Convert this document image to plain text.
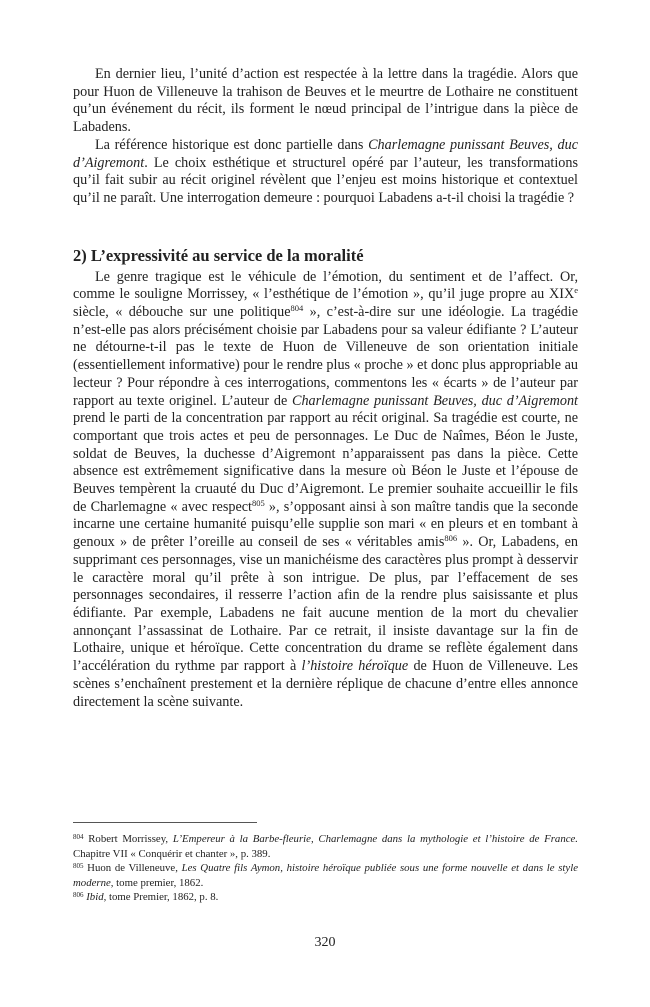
En dernier lieu, l’unité d’action est respectée à la lettre dans la tragédie. Alors que pour Huon de Villeneuve la trahison de Beuves et le meurtre de Lothaire ne constituent qu’un événement du récit, ils forment le nœud principal de l’intrigue dans la pièce de Labadens.

La référence historique est donc partielle dans Charlemagne punissant Beuves, duc d’Aigremont. Le choix esthétique et structurel opéré par l’auteur, les transformations qu’il fait subir au récit originel révèlent que l’enjeu est moins historique et contextuel qu’il ne paraît. Une interrogation demeure : pourquoi Labadens a-t-il choisi la tragédie ?

2) L’expressivité au service de la moralité

Le genre tragique est le véhicule de l’émotion, du sentiment et de l’affect. Or, comme le souligne Morrissey, « l’esthétique de l’émotion », qu’il juge propre au XIXe siècle, « débouche sur une politique$^{804}$ », c’est-à-dire sur une idéologie. La tragédie n’est-elle pas alors précisément choisie par Labadens pour sa valeur édifiante ? L’auteur ne détourne-t-il pas le texte de Huon de Villeneuve de son orientation initiale (essentiellement informative) pour le rendre plus « proche » et donc plus appropriable au lecteur ? Pour répondre à ces interrogations, commentons les « écarts » de l’auteur par rapport au texte originel. L’auteur de Charlemagne punissant Beuves, duc d’Aigremont prend le parti de la concentration par rapport au récit original. Sa tragédie est courte, ne comportant que trois actes et peu de personnages. Le Duc de Naîmes, Béon le Juste, soldat de Beuves, la duchesse d’Aigremont n’apparaissent pas dans la pièce. Cette absence est extrêmement significative dans la mesure où Béon le Juste et l’épouse de Beuves tempèrent la cruauté du Duc d’Aigremont. Le premier souhaite accueillir le fils de Charlemagne « avec respect$^{805}$ », s’opposant ainsi à son maître tandis que la seconde incarne une certaine humanité puisqu’elle supplie son mari « en pleurs et en tombant à genoux » de prêter l’oreille au conseil de ses « véritables amis$^{806}$ ». Or, Labadens, en supprimant ces personnages, vise un manichéisme des caractères plus prompt à desservir le caractère moral qu’il prête à son intrigue. De plus, par l’effacement de ses personnages secondaires, il resserre l’action afin de la rendre plus saisissante et plus édifiante. Par exemple, Labadens ne fait aucune mention de la mort du chevalier annonçant l’assassinat de Lothaire. Par ce retrait, il insiste davantage sur la fin de Lothaire, unique et héroïque. Cette concentration du drame se reflète également dans l’accélération du rythme par rapport à l’histoire héroïque de Huon de Villeneuve. Les scènes s’enchaînent prestement et la dernière réplique de chacune d’entre elles annonce directement la scène suivante.

$^{804}$ Robert Morrissey, L’Empereur à la Barbe-fleurie, Charlemagne dans la mythologie et l’histoire de France. Chapitre VII « Conquérir et chanter », p. 389.

$^{805}$ Huon de Villeneuve, Les Quatre fils Aymon, histoire héroïque publiée sous une forme nouvelle et dans le style moderne, tome premier, 1862.

$^{806}$ Ibid, tome Premier, 1862, p. 8.

320
